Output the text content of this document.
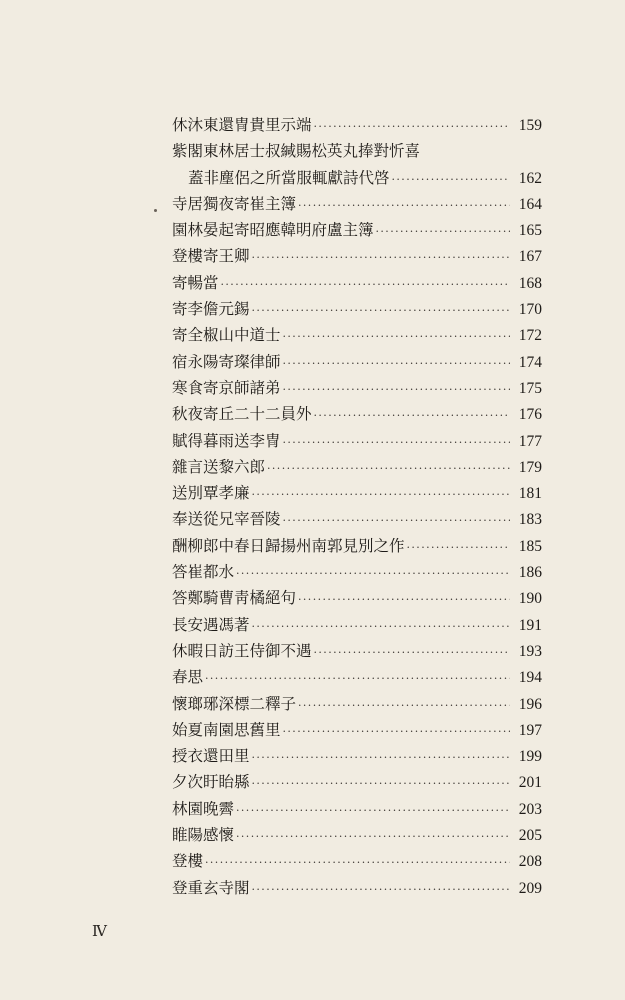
休沐東還冑貴里示端 ·····	159
紫閣東林居士叔緘賜松英丸捧對忻喜
蓋非塵侶之所當服輒獻詩代啓 ·····	162
寺居獨夜寄崔主簿 ·····	164
園林晏起寄昭應韓明府盧主簿 ·····	165
登樓寄王卿 ·····	167
寄暢當 ·····	168
寄李儋元錫 ·····	170
寄全椒山中道士 ·····	172
宿永陽寄璨律師 ·····	174
寒食寄京師諸弟 ·····	175
秋夜寄丘二十二員外 ·····	176
賦得暮雨送李冑 ·····	177
雜言送黎六郎 ·····	179
送別覃孝廉 ·····	181
奉送從兄宰晉陵 ·····	183
酬柳郎中春日歸揚州南郭見別之作 ·····	185
答崔都水 ·····	186
答鄭騎曹靑橘絕句 ·····	190
長安遇馮著 ·····	191
休暇日訪王侍御不遇 ·····	193
春思 ·····	194
懷瑯琊深標二釋子 ·····	196
始夏南園思舊里 ·····	197
授衣還田里 ·····	199
夕次盱眙縣 ·····	201
林園晚霽 ·····	203
睢陽感懷 ·····	205
登樓 ·····	208
登重玄寺閣 ·····	209
Ⅳ
